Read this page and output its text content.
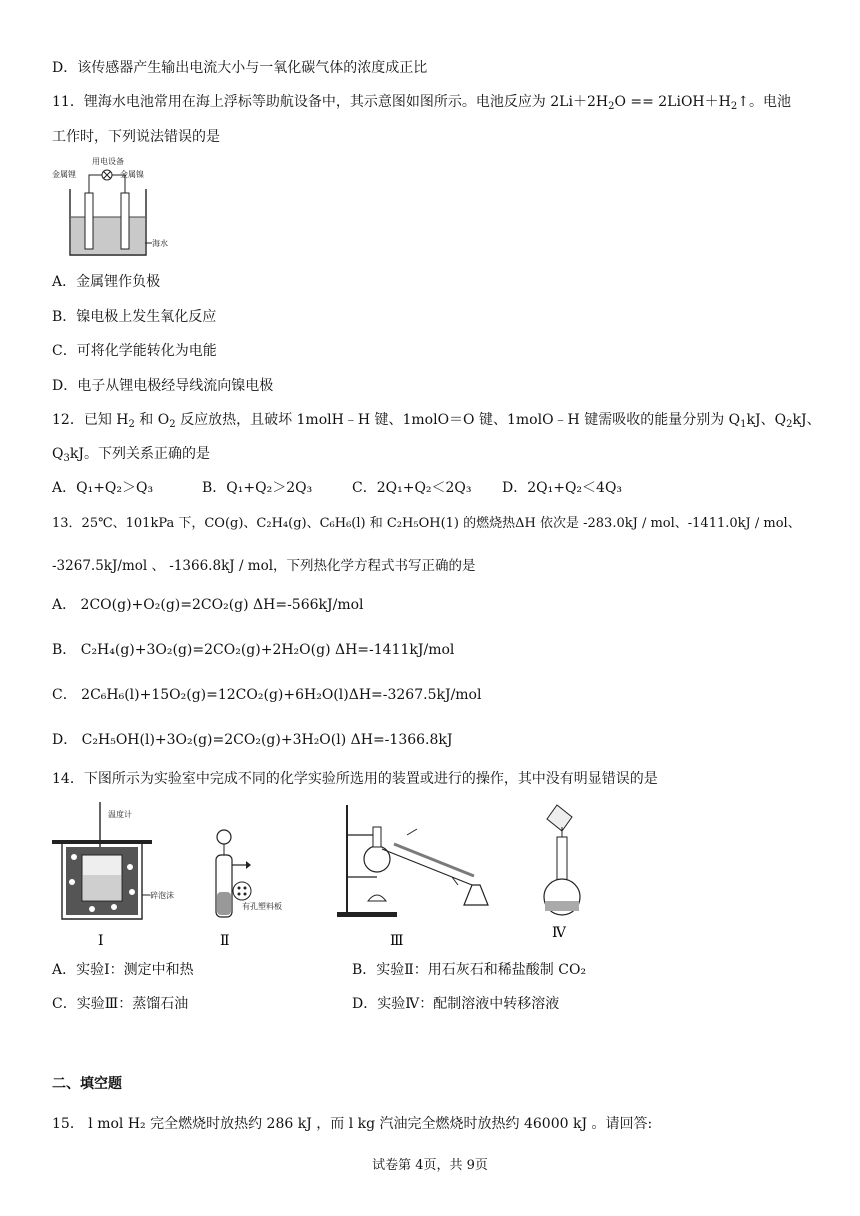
D．该传感器产生输出电流大小与一氧化碳气体的浓度成正比
11．锂海水电池常用在海上浮标等助航设备中，其示意图如图所示。电池反应为 $2Li+2H_2O$ == $2LiOH+H_2↑$。电池
工作时，下列说法错误的是
用电设备
金属锂	金属镍
海水
A．金属锂作负极
B．镍电极上发生氧化反应
C．可将化学能转化为电能
D．电子从锂电极经导线流向镍电极
12．已知 $H_2$ 和 $O_2$ 反应放热，且破坏 1molH﹣H 键、1molO＝O 键、1molO﹣H 键需吸收的能量分别为 $Q_1kJ$、$Q_2kJ$、
$Q_3kJ$。下列关系正确的是
A．Q₁+Q₂＞Q₃	B．Q₁+Q₂＞2Q₃	C．2Q₁+Q₂＜2Q₃ D．2Q₁+Q₂＜4Q₃
13．25℃、101kPa 下，CO(g)、C₂H₄(g)、C₆H₆(l) 和 C₂H₅OH(1) 的燃烧热ΔH 依次是 -283.0kJ / mol、-1411.0kJ / mol、
-3267.5kJ/mol 、 -1366.8kJ / mol，下列热化学方程式书写正确的是
A． 2CO(g)+O₂(g)=2CO₂(g) ΔH=-566kJ/mol
B． C₂H₄(g)+3O₂(g)=2CO₂(g)+2H₂O(g) ΔH=-1411kJ/mol
C． 2C₆H₆(l)+15O₂(g)=12CO₂(g)+6H₂O(l)ΔH=-3267.5kJ/mol
D． C₂H₅OH(l)+3O₂(g)=2CO₂(g)+3H₂O(l) ΔH=-1366.8kJ
14．下图所示为实验室中完成不同的化学实验所选用的装置或进行的操作，其中没有明显错误的是
温度计
碎泡沫
Ⅰ
有孔塑料板
Ⅱ	Ⅲ	Ⅳ
A．实验Ⅰ：测定中和热	B．实验Ⅱ：用石灰石和稀盐酸制 CO₂
C．实验Ⅲ：蒸馏石油	D．实验Ⅳ：配制溶液中转移溶液
二、填空题
15． l mol H₂ 完全燃烧时放热约 286 kJ ，而 l kg 汽油完全燃烧时放热约 46000 kJ 。请回答:
试卷第 4页，共 9页
